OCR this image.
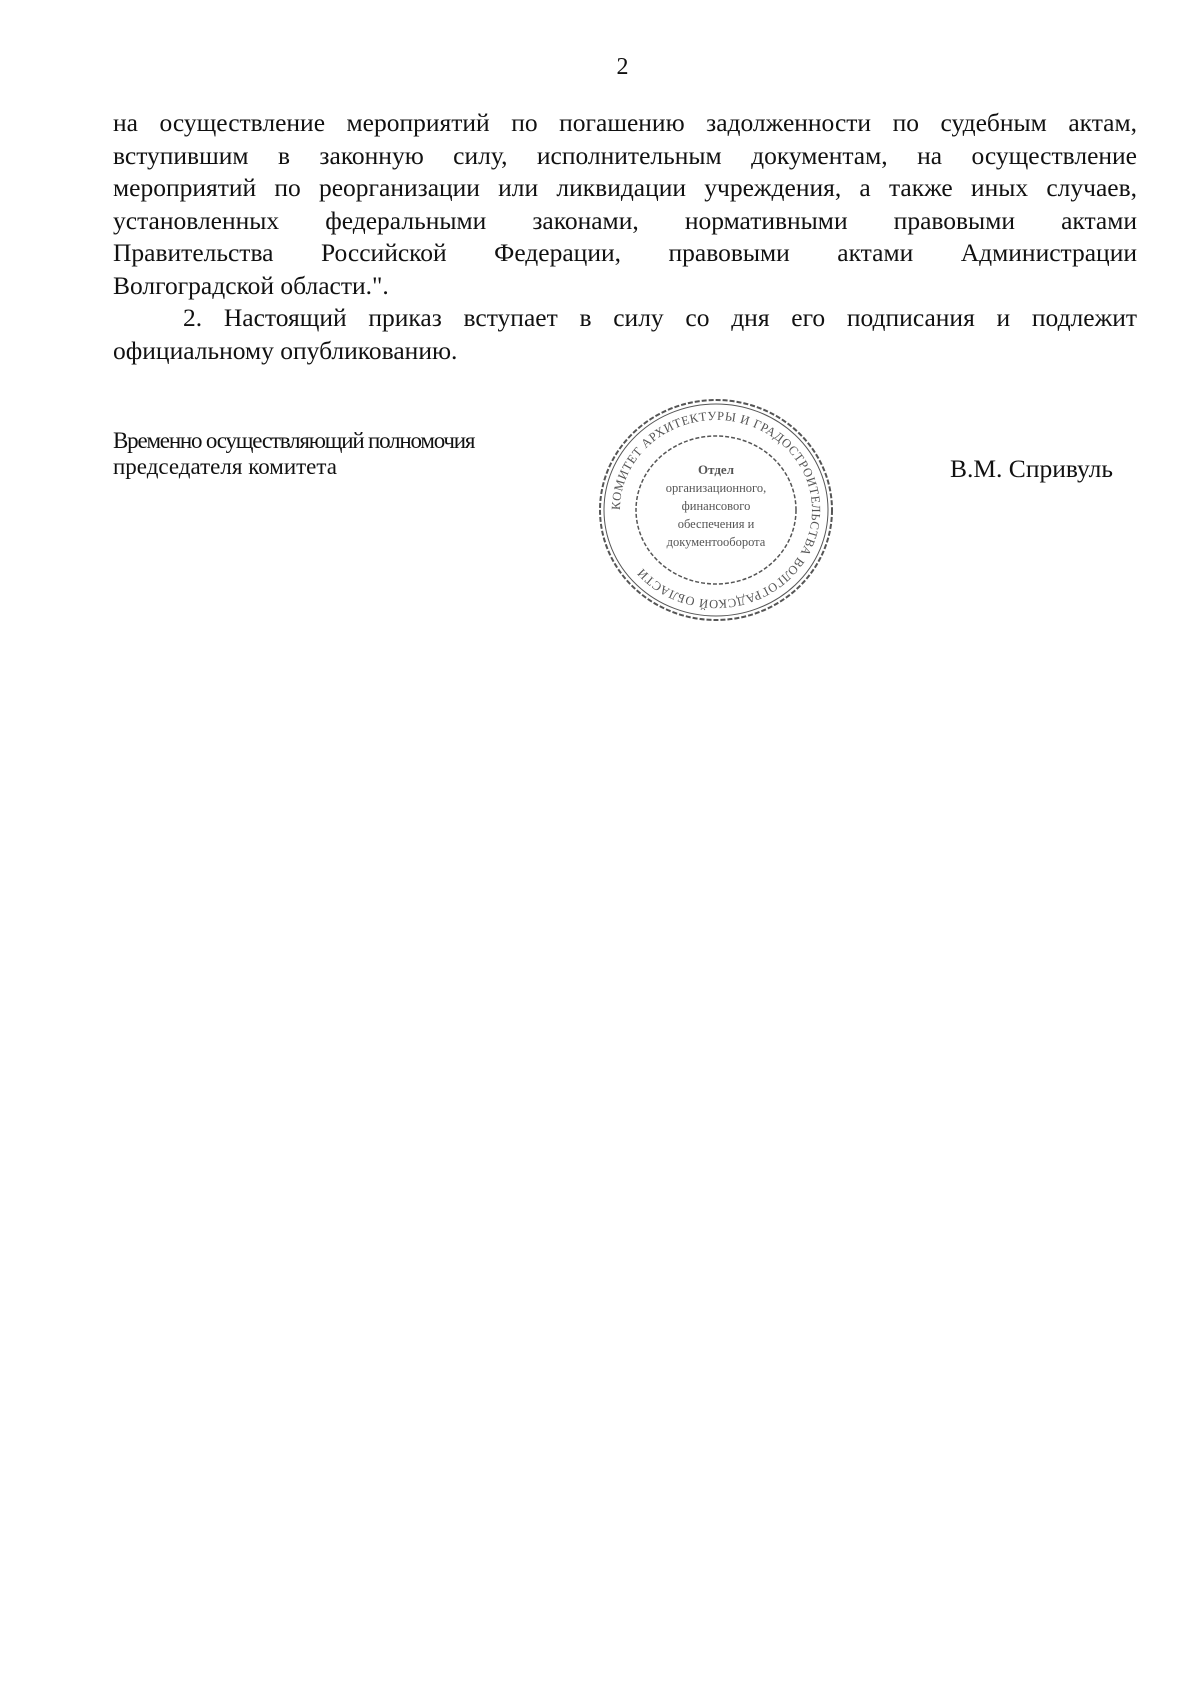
2
на осуществление мероприятий по погашению задолженности по судебным актам,
вступившим в законную силу, исполнительным документам, на осуществление
мероприятий по реорганизации или ликвидации учреждения, а также иных случаев,
установленных федеральными законами, нормативными правовыми актами
Правительства Российской Федерации, правовыми актами Администрации
Волгоградской области.".
2. Настоящий приказ вступает в силу со дня его подписания и подлежит
официальному опубликованию.
Временно осуществляющий полномочия
председателя комитета
КОМИТЕТ АРХИТЕКТУРЫ И ГРАДОСТРОИТЕЛЬСТВА ВОЛГОГРАДСКОЙ ОБЛАСТИ
Отдел
организационного,
финансового
обеспечения и
документооборота
В.М. Спривуль
